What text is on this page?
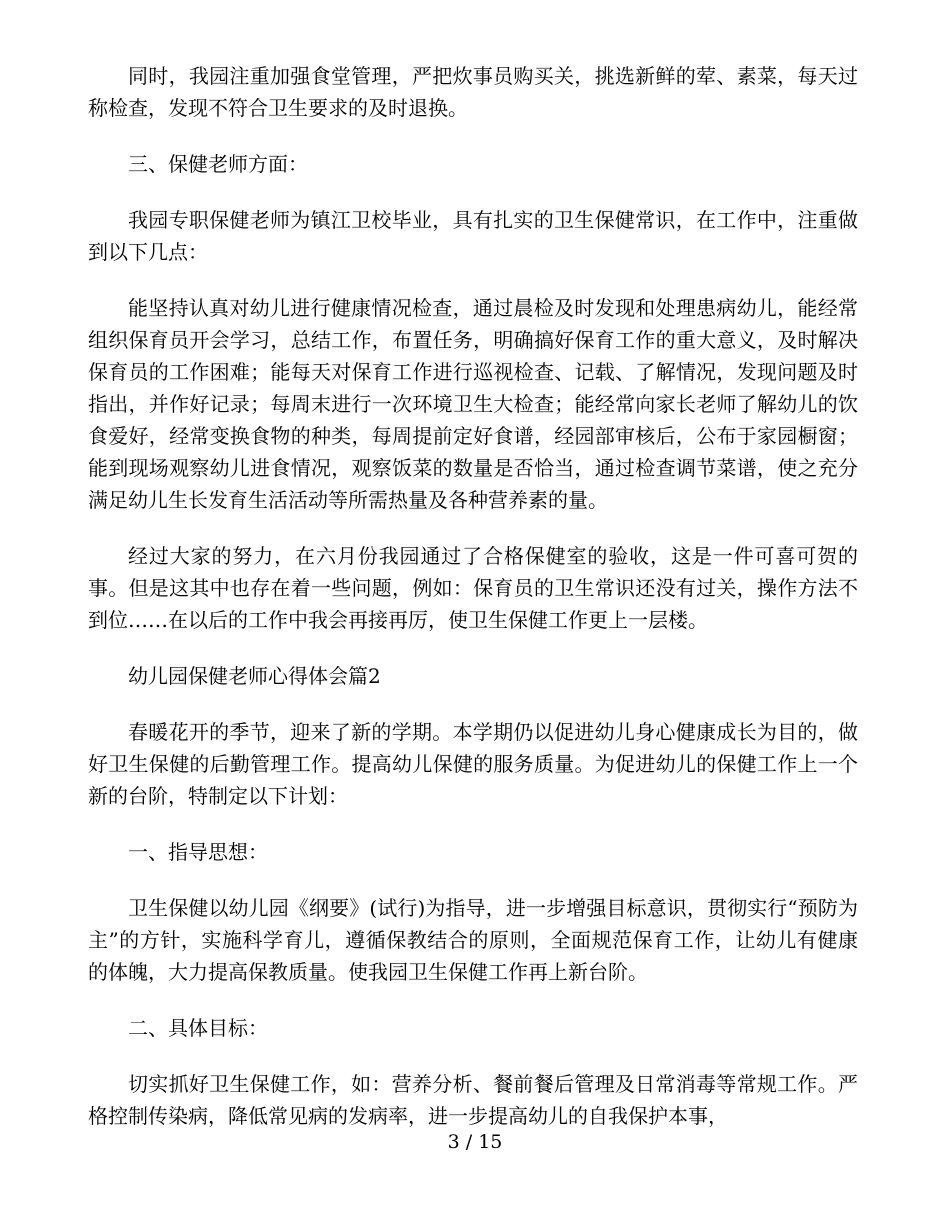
同时，我园注重加强食堂管理，严把炊事员购买关，挑选新鲜的荤、素菜，每天过称检查，发现不符合卫生要求的及时退换。

三、保健老师方面：

我园专职保健老师为镇江卫校毕业，具有扎实的卫生保健常识，在工作中，注重做到以下几点：

能坚持认真对幼儿进行健康情况检查，通过晨检及时发现和处理患病幼儿，能经常组织保育员开会学习，总结工作，布置任务，明确搞好保育工作的重大意义，及时解决保育员的工作困难；能每天对保育工作进行巡视检查、记载、了解情况，发现问题及时指出，并作好记录；每周末进行一次环境卫生大检查；能经常向家长老师了解幼儿的饮食爱好，经常变换食物的种类，每周提前定好食谱，经园部审核后，公布于家园橱窗；能到现场观察幼儿进食情况，观察饭菜的数量是否恰当，通过检查调节菜谱，使之充分满足幼儿生长发育生活活动等所需热量及各种营养素的量。

经过大家的努力，在六月份我园通过了合格保健室的验收，这是一件可喜可贺的事。但是这其中也存在着一些问题，例如：保育员的卫生常识还没有过关，操作方法不到位……在以后的工作中我会再接再厉，使卫生保健工作更上一层楼。

幼儿园保健老师心得体会篇2

春暖花开的季节，迎来了新的学期。本学期仍以促进幼儿身心健康成长为目的，做好卫生保健的后勤管理工作。提高幼儿保健的服务质量。为促进幼儿的保健工作上一个新的台阶，特制定以下计划：

一、指导思想：

卫生保健以幼儿园《纲要》(试行)为指导，进一步增强目标意识，贯彻实行“预防为主”的方针，实施科学育儿，遵循保教结合的原则，全面规范保育工作，让幼儿有健康的体魄，大力提高保教质量。使我园卫生保健工作再上新台阶。

二、具体目标：

切实抓好卫生保健工作，如：营养分析、餐前餐后管理及日常消毒等常规工作。严格控制传染病，降低常见病的发病率，进一步提高幼儿的自我保护本事，

3 / 15
